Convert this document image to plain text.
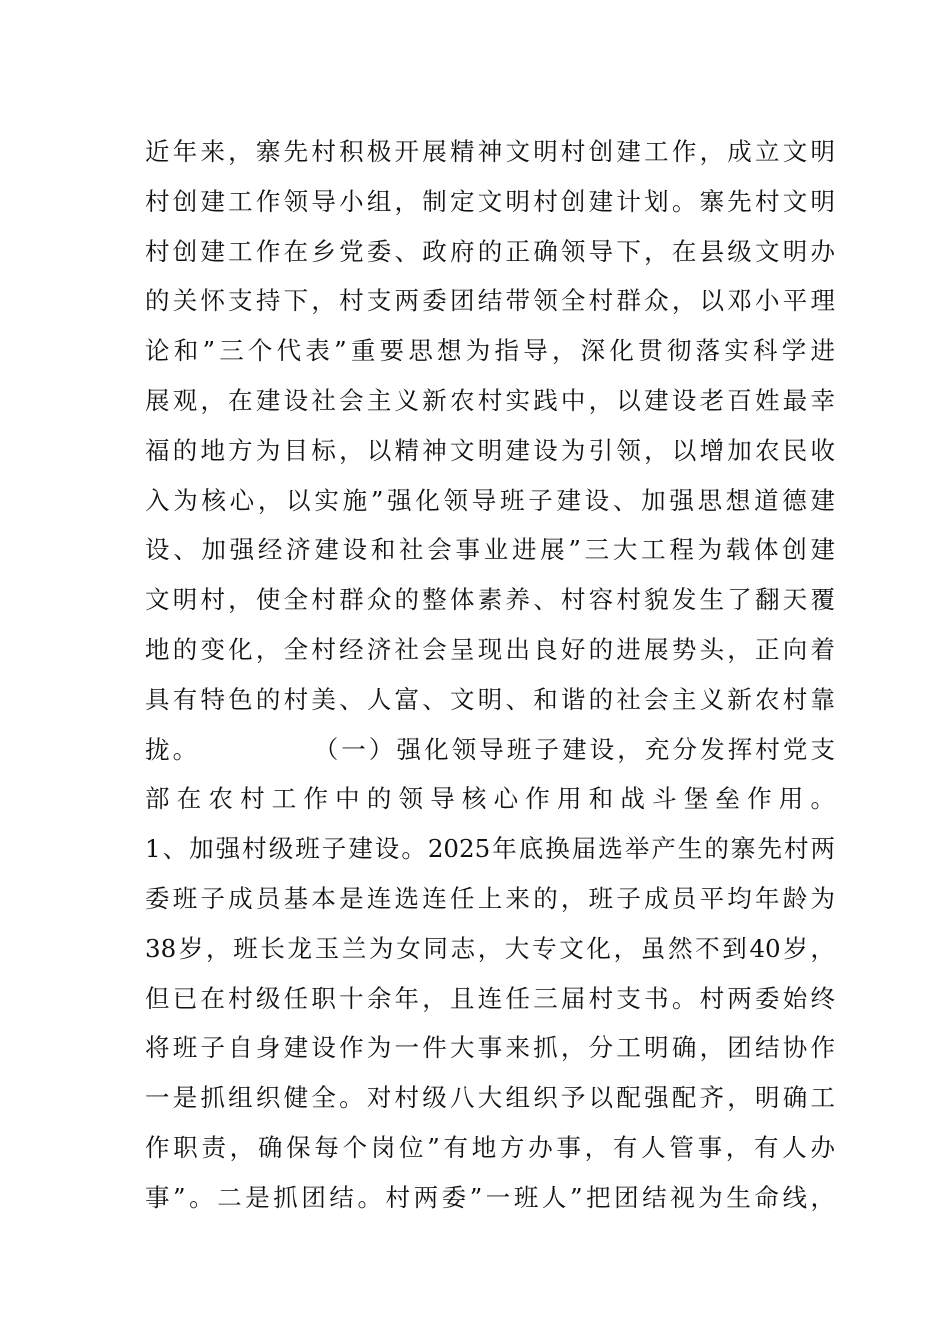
近年来，寨先村积极开展精神文明村创建工作，成立文明
村创建工作领导小组，制定文明村创建计划。寨先村文明
村创建工作在乡党委、政府的正确领导下，在县级文明办
的关怀支持下，村支两委团结带领全村群众，以邓小平理
论和”三个代表”重要思想为指导，深化贯彻落实科学进
展观，在建设社会主义新农村实践中，以建设老百姓最幸
福的地方为目标，以精神文明建设为引领，以增加农民收
入为核心，以实施”强化领导班子建设、加强思想道德建
设、加强经济建设和社会事业进展”三大工程为载体创建
文明村，使全村群众的整体素养、村容村貌发生了翻天覆
地的变化，全村经济社会呈现出良好的进展势头，正向着
具有特色的村美、人富、文明、和谐的社会主义新农村靠
拢。　　　　　（一）强化领导班子建设，充分发挥村党支
部在农村工作中的领导核心作用和战斗堡垒作用。
1、加强村级班子建设。2025年底换届选举产生的寨先村两
委班子成员基本是连选连任上来的，班子成员平均年龄为
38岁，班长龙玉兰为女同志，大专文化，虽然不到40岁，
但已在村级任职十余年，且连任三届村支书。村两委始终
将班子自身建设作为一件大事来抓，分工明确，团结协作
一是抓组织健全。对村级八大组织予以配强配齐，明确工
作职责，确保每个岗位”有地方办事，有人管事，有人办
事”。二是抓团结。村两委”一班人”把团结视为生命线，
